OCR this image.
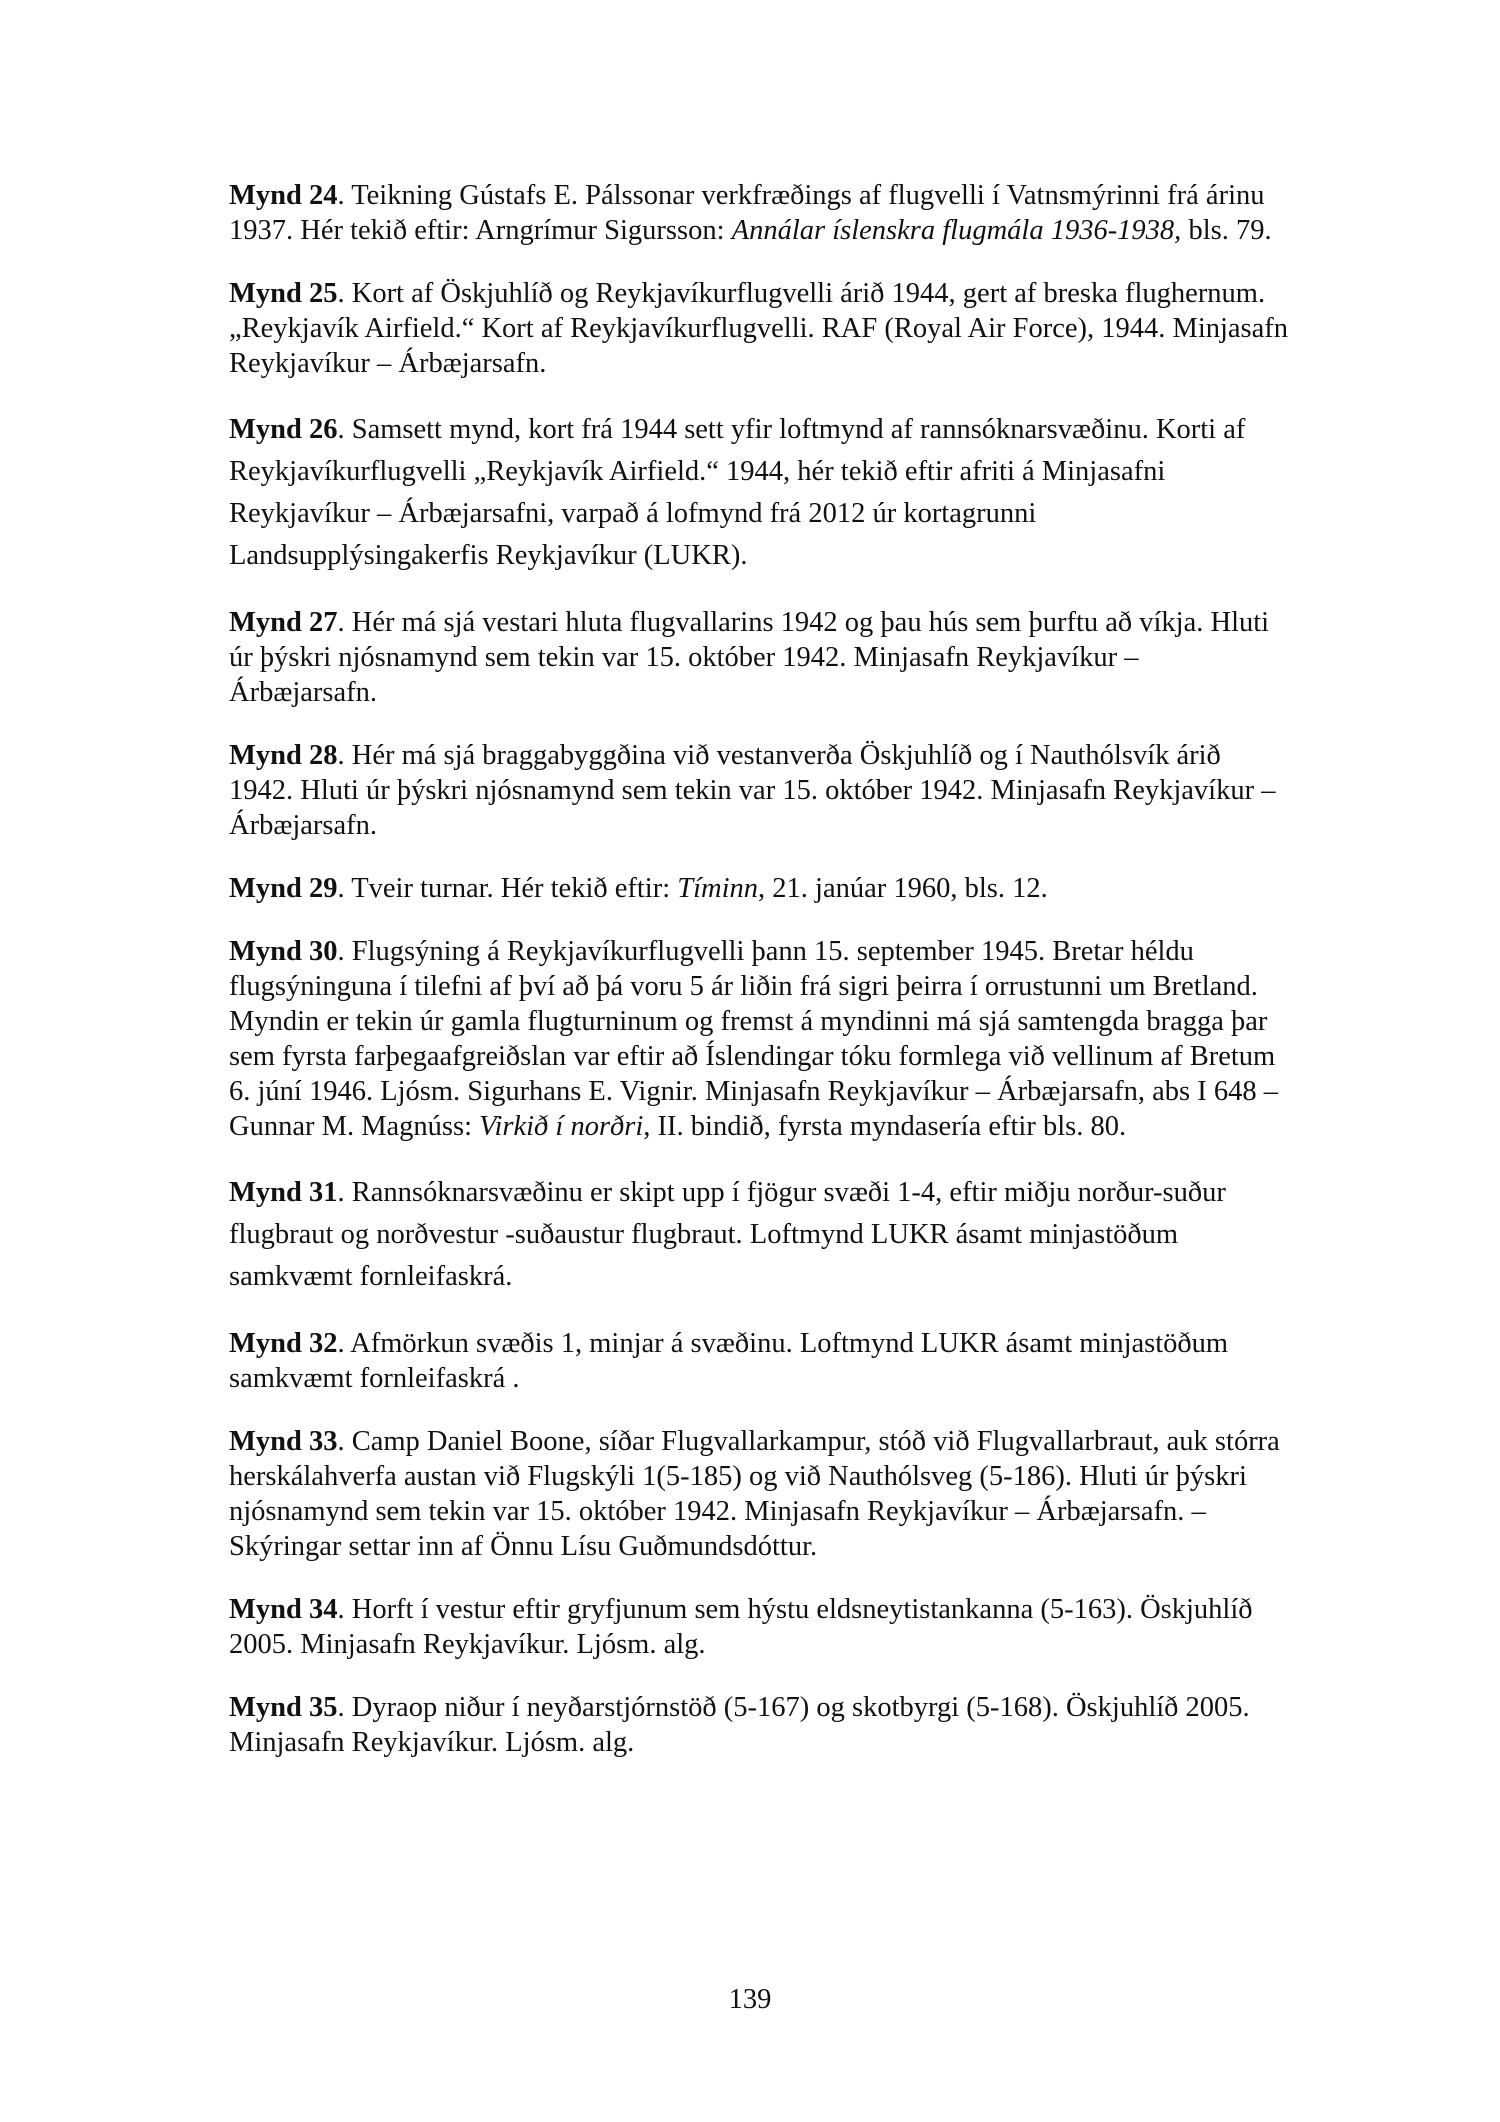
Mynd 24. Teikning Gústafs E. Pálssonar verkfræðings af flugvelli í Vatnsmýrinni frá árinu 1937. Hér tekið eftir: Arngrímur Sigursson: Annálar íslenskra flugmála 1936-1938, bls. 79.

Mynd 25. Kort af Öskjuhlíð og Reykjavíkurflugvelli árið 1944, gert af breska flughernum. „Reykjavík Airfield.“ Kort af Reykjavíkurflugvelli. RAF (Royal Air Force), 1944. Minjasafn Reykjavíkur – Árbæjarsafn.

Mynd 26. Samsett mynd, kort frá 1944 sett yfir loftmynd af rannsóknarsvæðinu. Korti af Reykjavíkurflugvelli „Reykjavík Airfield.“ 1944, hér tekið eftir afriti á Minjasafni Reykjavíkur – Árbæjarsafni, varpað á lofmynd frá 2012 úr kortagrunni Landsupplýsingakerfis Reykjavíkur (LUKR).

Mynd 27. Hér má sjá vestari hluta flugvallarins 1942 og þau hús sem þurftu að víkja. Hluti úr þýskri njósnamynd sem tekin var 15. október 1942. Minjasafn Reykjavíkur – Árbæjarsafn.

Mynd 28. Hér má sjá braggabyggðina við vestanverða Öskjuhlíð og í Nauthólsvík árið 1942. Hluti úr þýskri njósnamynd sem tekin var 15. október 1942. Minjasafn Reykjavíkur – Árbæjarsafn.

Mynd 29. Tveir turnar. Hér tekið eftir: Tíminn, 21. janúar 1960, bls. 12.

Mynd 30. Flugsýning á Reykjavíkurflugvelli þann 15. september 1945. Bretar héldu flugsýninguna í tilefni af því að þá voru 5 ár liðin frá sigri þeirra í orrustunni um Bretland. Myndin er tekin úr gamla flugturninum og fremst á myndinni má sjá samtengda bragga þar sem fyrsta farþegaafgreiðslan var eftir að Íslendingar tóku formlega við vellinum af Bretum 6. júní 1946. Ljósm. Sigurhans E. Vignir. Minjasafn Reykjavíkur – Árbæjarsafn, abs I 648 – Gunnar M. Magnúss: Virkið í norðri, II. bindið, fyrsta myndasería eftir bls. 80.

Mynd 31. Rannsóknarsvæðinu er skipt upp í fjögur svæði 1-4, eftir miðju norður-suður flugbraut og norðvestur -suðaustur flugbraut. Loftmynd LUKR ásamt minjastöðum samkvæmt fornleifaskrá.

Mynd 32. Afmörkun svæðis 1, minjar á svæðinu. Loftmynd LUKR ásamt minjastöðum samkvæmt fornleifaskrá .

Mynd 33. Camp Daniel Boone, síðar Flugvallarkampur, stóð við Flugvallarbraut, auk stórra herskálahverfa austan við Flugskýli 1(5-185) og við Nauthólsveg (5-186). Hluti úr þýskri njósnamynd sem tekin var 15. október 1942. Minjasafn Reykjavíkur – Árbæjarsafn. – Skýringar settar inn af Önnu Lísu Guðmundsdóttur.

Mynd 34. Horft í vestur eftir gryfjunum sem hýstu eldsneytistankanna (5-163). Öskjuhlíð 2005. Minjasafn Reykjavíkur. Ljósm. alg.

Mynd 35. Dyraop niður í neyðarstjórnstöð (5-167) og skotbyrgi (5-168). Öskjuhlíð 2005. Minjasafn Reykjavíkur. Ljósm. alg.

139
